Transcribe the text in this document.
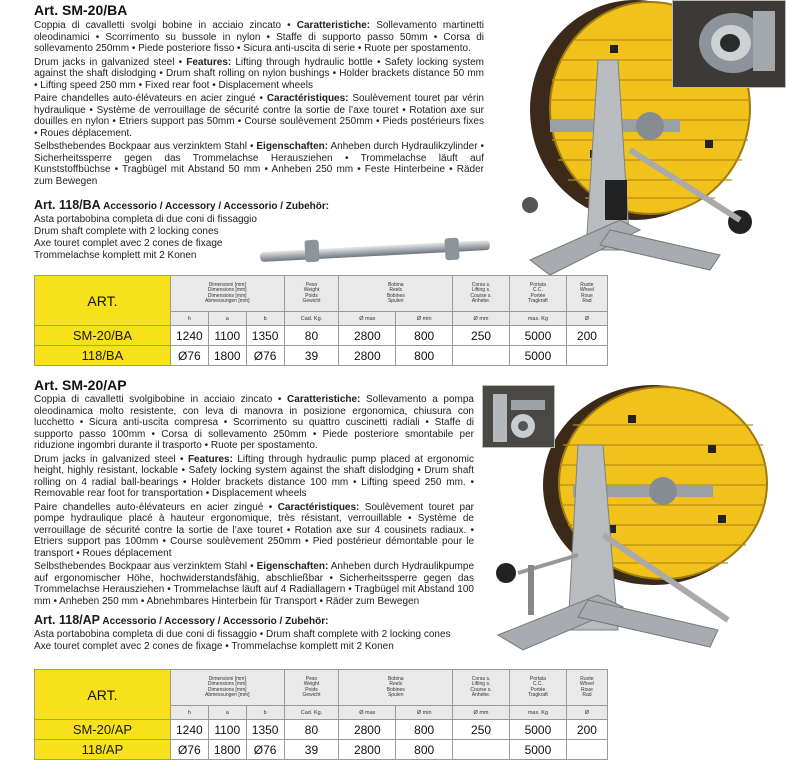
Art. SM-20/BA

Coppia di cavalletti svolgi bobine in acciaio zincato • Caratteristiche: Sollevamento martinetti oleodinamici • Scorrimento su bussole in nylon • Staffe di supporto passo 50mm • Corsa di sollevamento 250mm • Piede posteriore fisso • Sicura anti-uscita di serie • Ruote per spostamento.

Drum jacks in galvanized steel • Features: Lifting through hydraulic bottle • Safety locking system against the shaft dislodging • Drum shaft rolling on nylon bushings • Holder brackets distance 50 mm • Lifting speed 250 mm • Fixed rear foot • Displacement wheels

Paire chandelles auto-élévateurs en acier zingué • Caractéristiques: Soulèvement touret par vérin hydraulique • Système de verrouillage de sécurité contre la sortie de l’axe touret • Rotation axe sur douilles en nylon • Etriers support pas 50mm • Course soulèvement 250mm • Pieds postérieurs fixes • Roues déplacement.

Selbsthebendes Bockpaar aus verzinktem Stahl • Eigenschaften: Anheben durch Hydraulikzylinder • Sicherheitssperre gegen das Trommelachse Herausziehen • Trommelachse läuft auf Kunststoffbüchse • Tragbügel mit Abstand 50 mm • Anheben 250 mm • Feste Hinterbeine • Räder zum Bewegen

Art. 118/BA Accessorio / Accessory / Accessorio / Zubehör:
Asta portabobina completa di due coni di fissaggio
Drum shaft complete with 2 locking cones
Axe touret complet avec 2 cones de fixage
Trommelachse komplett mit 2 Konen
ART.	Dimensioni [mm]
Dimensions [mm]
Dimensions [mm]
Abmessungen [mm]			Peso
Weight
Poids
Gewicht	Bobina
Reels
Bobines
Spulen		Corsa s.
Lifting s.
Course s.
Anhebe.	Portata
C.C.
Portée
Tragkraft	Ruote
Wheel
Roue
Rad
	h	a	b	Cad. Kg.	Ø max	Ø min	Ø mm	max. Kg	Ø
SM-20/BA	1240	1100	1350	80	2800	800	250	5000	200
118/BA	Ø76	1800	Ø76	39	2800	800		5000	
Art. SM-20/AP

Coppia di cavalletti svolgibobine in acciaio zincato • Caratteristiche: Sollevamento a pompa oleodinamica molto resistente, con leva di manovra in posizione ergonomica, chiusura con lucchetto • Sicura anti-uscita compresa • Scorrimento su quattro cuscinetti radiali • Staffe di supporto passo 100mm • Corsa di sollevamento 250mm • Piede posteriore smontabile per riduzione ingombri durante il trasporto • Ruote per spostamento.

Drum jacks in galvanized steel • Features: Lifting through hydraulic pump placed at ergonomic height, highly resistant, lockable • Safety locking system against the shaft dislodging • Drum shaft rolling on 4 radial ball-bearings • Holder brackets distance 100 mm • Lifting speed 250 mm. • Removable rear foot for transportation • Displacement wheels

Paire chandelles auto-élévateurs en acier zingué • Caractéristiques: Soulèvement touret par pompe hydraulique placé à hauteur ergonomique, très résistant, verrouillable • Système de verrouillage de sécurité contre la sortie de l’axe touret • Rotation axe sur 4 cousinets radiaux. • Etriers support pas 100mm • Course soulèvement 250mm • Pied postérieur démontable pour le transport • Roues déplacement

Selbsthebendes Bockpaar aus verzinktem Stahl • Eigenschaften: Anheben durch Hydraulikpumpe auf ergonomischer Höhe, hochwiderstandsfähig, abschließbar • Sicherheitssperre gegen das Trommelachse Herausziehen • Trommelachse läuft auf 4 Radiallagern • Tragbügel mit Abstand 100 mm • Anheben 250 mm • Abnehmbares Hinterbein für Transport • Räder zum Bewegen

Art. 118/AP Accessorio / Accessory / Accessorio / Zubehör:
Asta portabobina completa di due coni di fissaggio • Drum shaft complete with 2 locking cones
Axe touret complet avec 2 cones de fixage • Trommelachse komplett mit 2 Konen
ART.	Dimensioni [mm]
Dimensions [mm]
Dimensions [mm]
Abmessungen [mm]			Peso
Weight
Poids
Gewicht	Bobina
Reels
Bobines
Spulen		Corsa s.
Lifting s.
Course s.
Anhebe.	Portata
C.C.
Portée
Tragkraft	Ruote
Wheel
Roue
Rad
	h	a	b	Cad. Kg.	Ø max	Ø min	Ø mm	max. Kg	Ø
SM-20/AP	1240	1100	1350	80	2800	800	250	5000	200
118/AP	Ø76	1800	Ø76	39	2800	800		5000	
